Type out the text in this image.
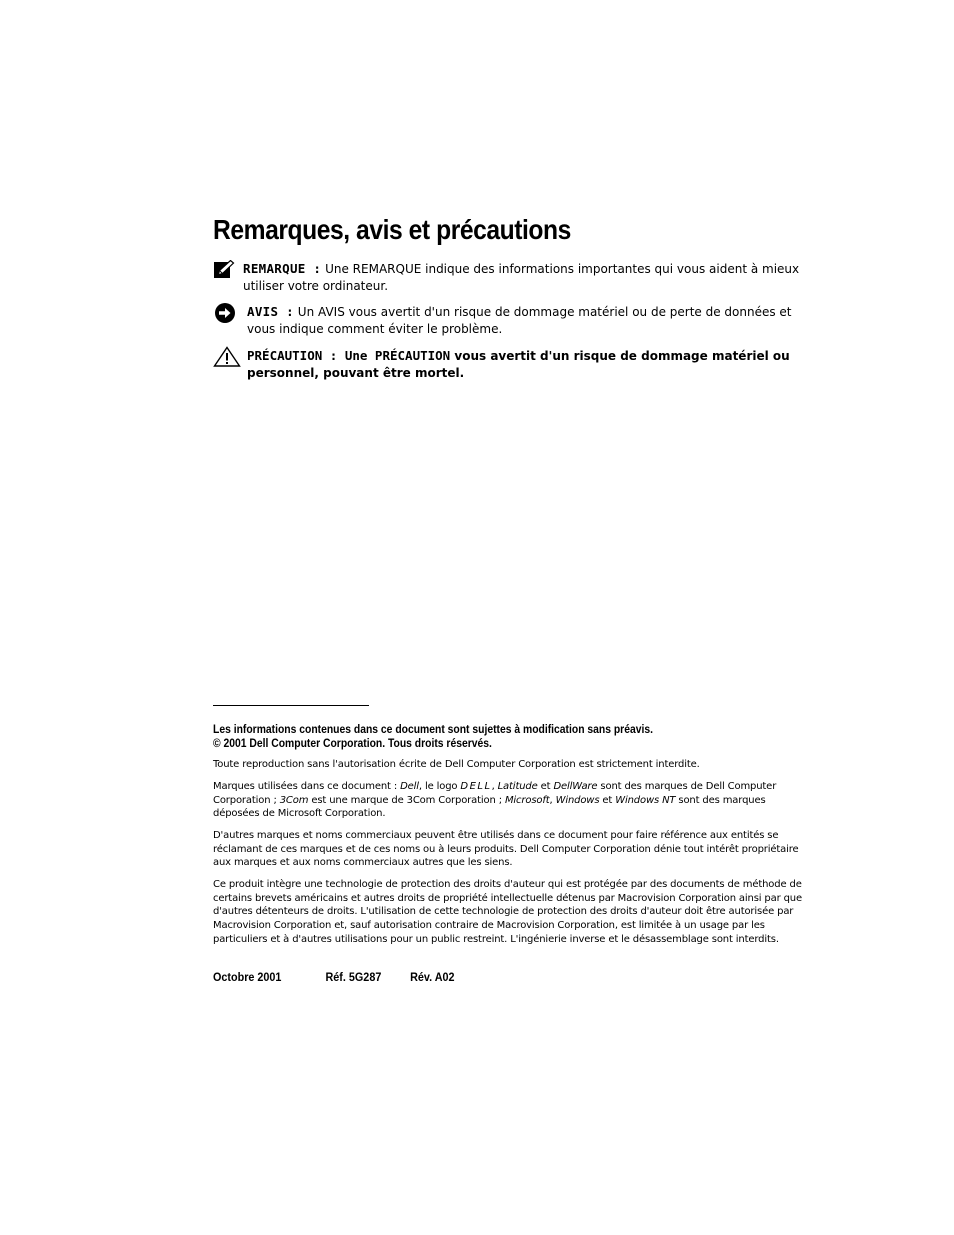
Remarques, avis et précautions
REMARQUE : Une REMARQUE indique des informations importantes qui vous aident à mieux utiliser votre ordinateur.
AVIS : Un AVIS vous avertit d'un risque de dommage matériel ou de perte de données et vous indique comment éviter le problème.
PRÉCAUTION : Une PRÉCAUTION vous avertit d'un risque de dommage matériel ou personnel, pouvant être mortel.
Les informations contenues dans ce document sont sujettes à modification sans préavis.
© 2001 Dell Computer Corporation. Tous droits réservés.
Toute reproduction sans l'autorisation écrite de Dell Computer Corporation est strictement interdite.
Marques utilisées dans ce document : Dell, le logo DELL, Latitude et DellWare sont des marques de Dell Computer Corporation ; 3Com est une marque de 3Com Corporation ; Microsoft, Windows et Windows NT sont des marques déposées de Microsoft Corporation.
D'autres marques et noms commerciaux peuvent être utilisés dans ce document pour faire référence aux entités se réclamant de ces marques et de ces noms ou à leurs produits. Dell Computer Corporation dénie tout intérêt propriétaire aux marques et aux noms commerciaux autres que les siens.
Ce produit intègre une technologie de protection des droits d'auteur qui est protégée par des documents de méthode de certains brevets américains et autres droits de propriété intellectuelle détenus par Macrovision Corporation ainsi par que d'autres détenteurs de droits. L'utilisation de cette technologie de protection des droits d'auteur doit être autorisée par Macrovision Corporation et, sauf autorisation contraire de Macrovision Corporation, est limitée à un usage par les particuliers et à d'autres utilisations pour un public restreint. L'ingénierie inverse et le désassemblage sont interdits.
Octobre 2001	Réf. 5G287 Rév. A02
